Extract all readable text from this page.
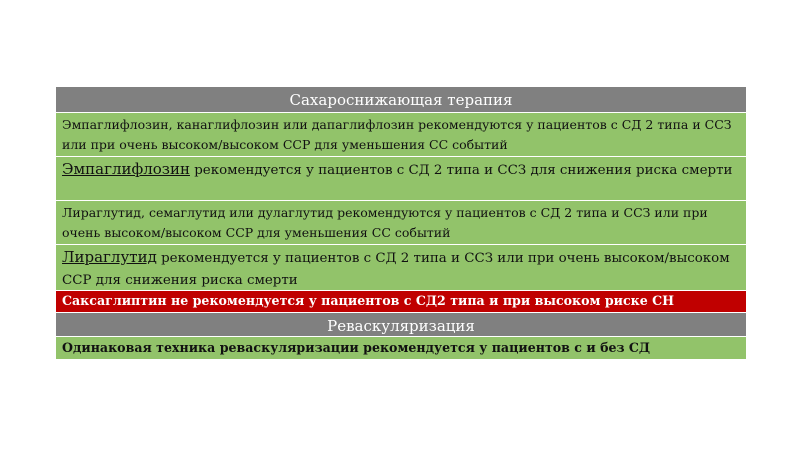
Сахароснижающая терапия
Эмпаглифлозин, канаглифлозин или дапаглифлозин рекомендуются у пациентов с СД 2 типа и ССЗ или при очень высоком/высоком ССР для уменьшения СС событий
Эмпаглифлозин рекомендуется у пациентов с СД 2 типа и ССЗ для снижения риска смерти
Лираглутид, семаглутид или дулаглутид рекомендуются у пациентов с СД 2 типа и ССЗ или при очень высоком/высоком ССР для уменьшения СС событий
Лираглутид рекомендуется у пациентов с СД 2 типа и ССЗ или при очень высоком/высоком ССР для снижения риска смерти
Саксаглиптин не рекомендуется у пациентов с СД2 типа и при высоком риске СН
Реваскуляризация
Одинаковая техника реваскуляризации рекомендуется у пациентов с и без СД
